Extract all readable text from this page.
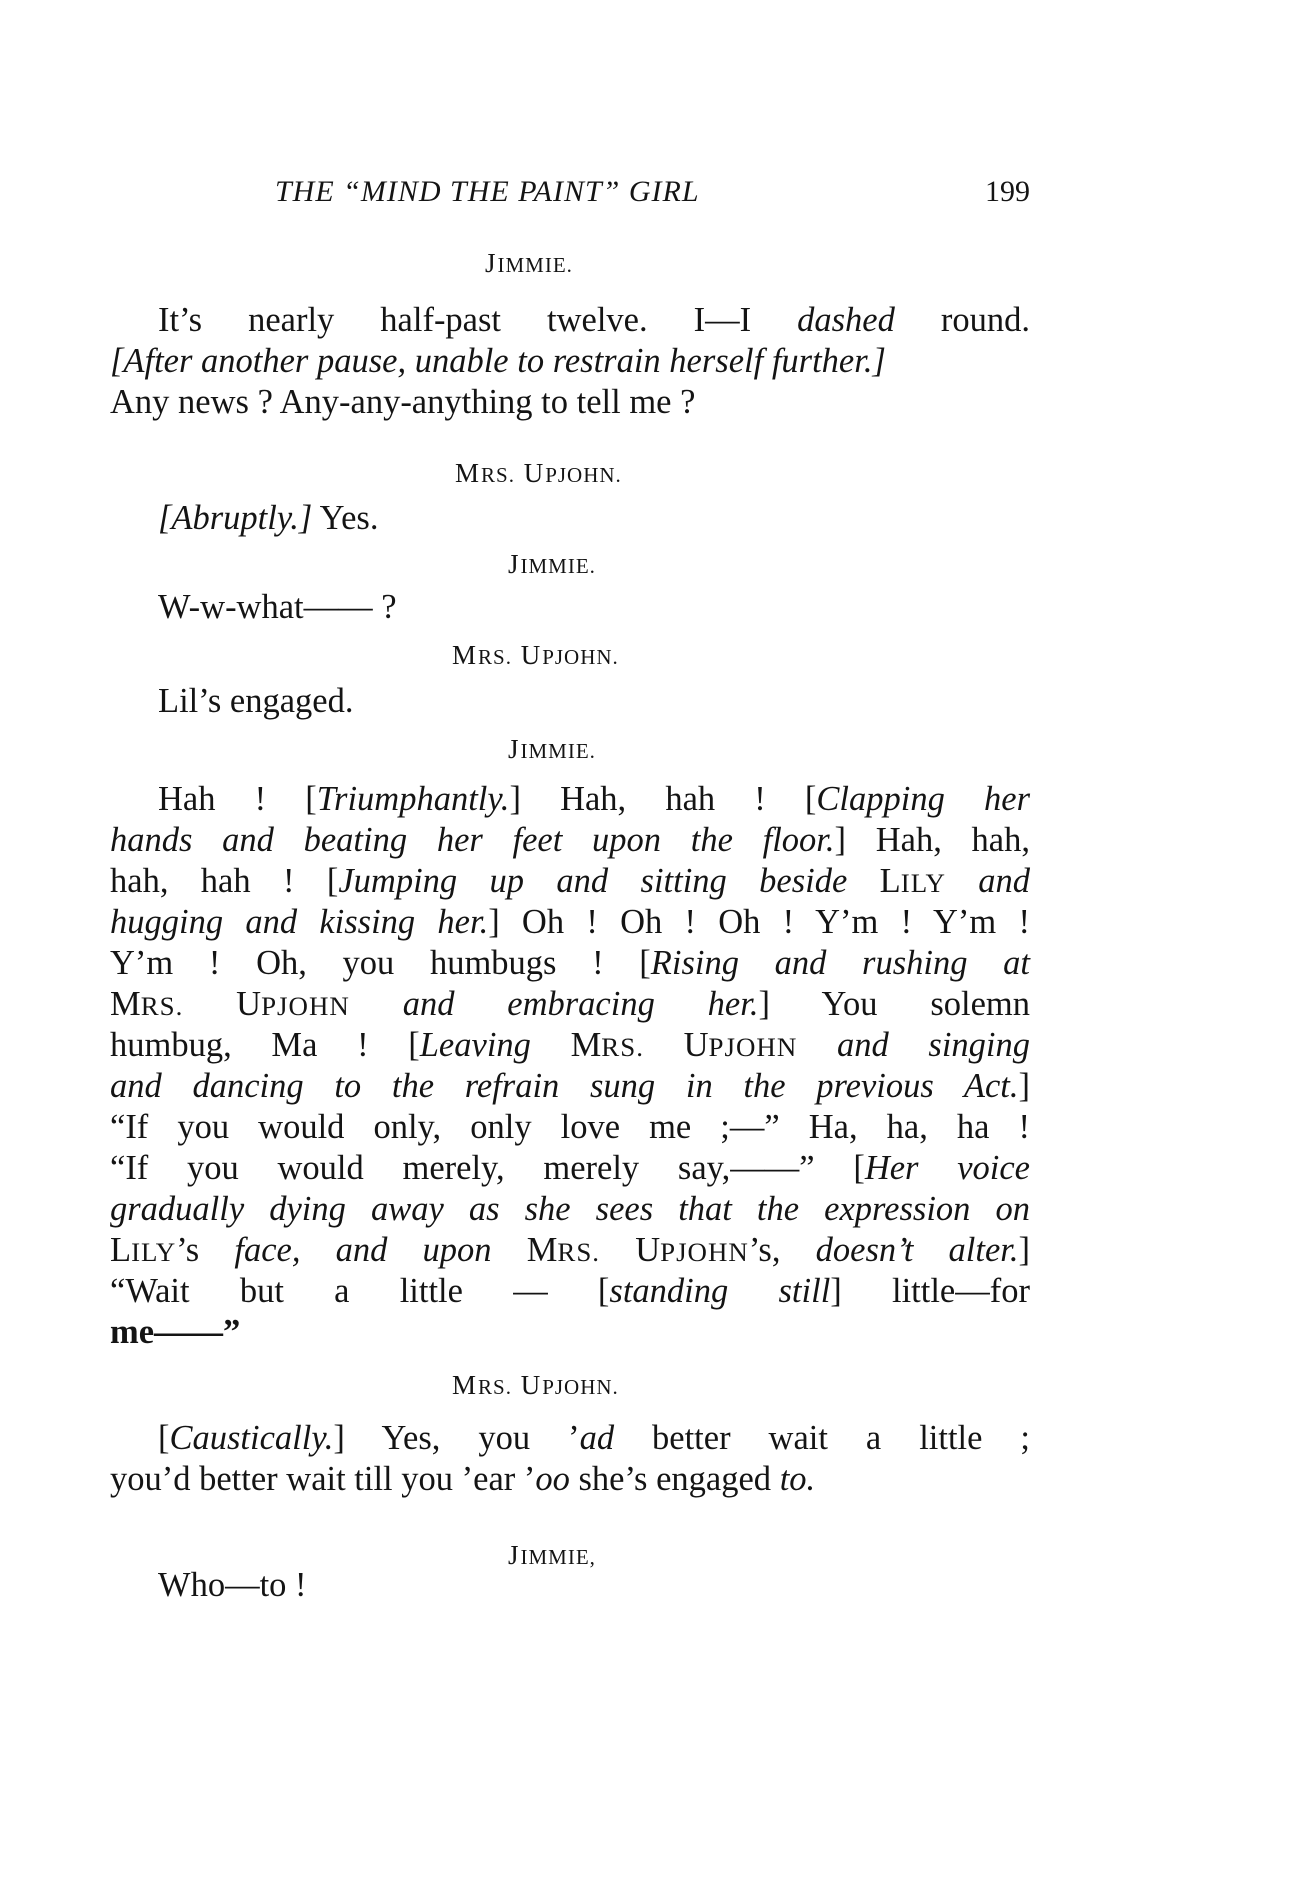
THE “MIND THE PAINT” GIRL	199
JIMMIE.
It’s nearly half-past twelve. I—I dashed round.
[After another pause, unable to restrain herself further.]
Any news ? Any-any-anything to tell me ?
MRS. UPJOHN.
[Abruptly.] Yes.
JIMMIE.
W-w-what—— ?
MRS. UPJOHN.
Lil’s engaged.
JIMMIE.
Hah ! [Triumphantly.] Hah, hah ! [Clapping her
hands and beating her feet upon the floor.] Hah, hah,
hah, hah ! [Jumping up and sitting beside LILY and
hugging and kissing her.] Oh ! Oh ! Oh ! Y’m ! Y’m !
Y’m ! Oh, you humbugs ! [Rising and rushing at
MRS. UPJOHN and embracing her.] You solemn
humbug, Ma ! [Leaving MRS. UPJOHN and singing
and dancing to the refrain sung in the previous Act.]
“If you would only, only love me ;—” Ha, ha, ha !
“If you would merely, merely say,——” [Her voice
gradually dying away as she sees that the expression on
LILY’s face, and upon MRS. UPJOHN’s, doesn’t alter.]
“Wait but a little — [standing still] little—for
me——”
MRS. UPJOHN.
[Caustically.] Yes, you ’ad better wait a little ;
you’d better wait till you ’ear ’oo she’s engaged to.
JIMMIE,
Who—to !
